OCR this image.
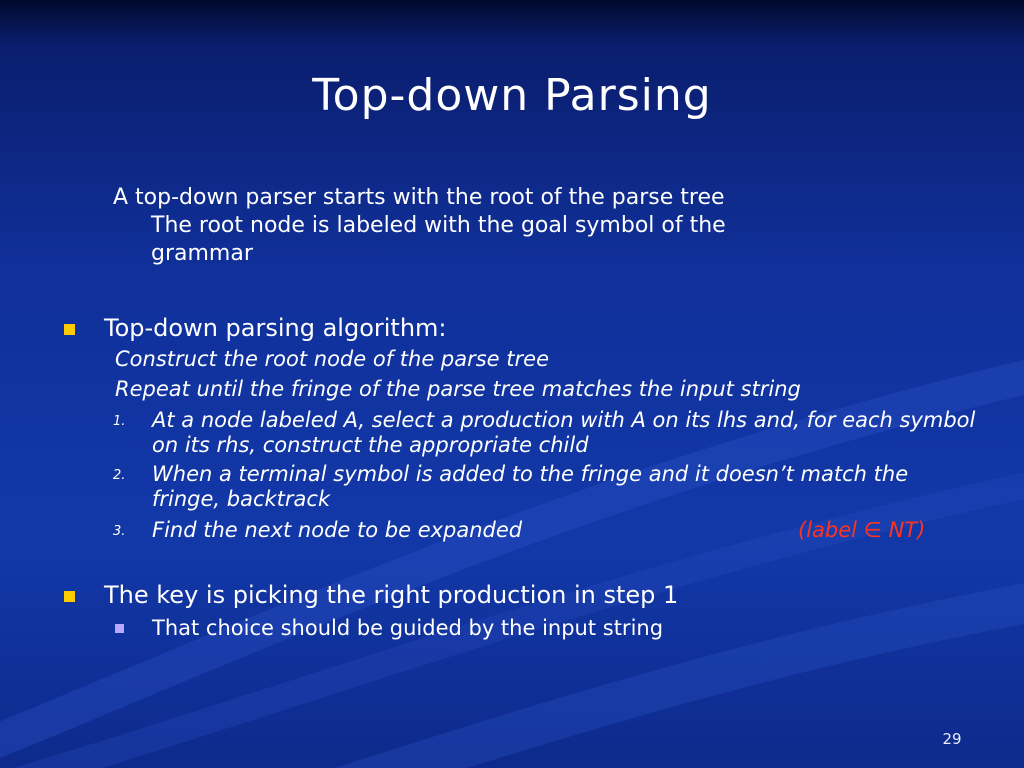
Top-down Parsing
A top-down parser starts with the root of the parse tree
The root node is labeled with the goal symbol of the
grammar
Top-down parsing algorithm:
Construct the root node of the parse tree
Repeat until the fringe of the parse tree matches the input string
1. At a node labeled A, select a production with A on its lhs and, for each symbol on its rhs, construct the appropriate child
2. When a terminal symbol is added to the fringe and it doesn’t match the fringe, backtrack
3. Find the next node to be expanded	(label ∈ NT)
The key is picking the right production in step 1
That choice should be guided by the input string
29
